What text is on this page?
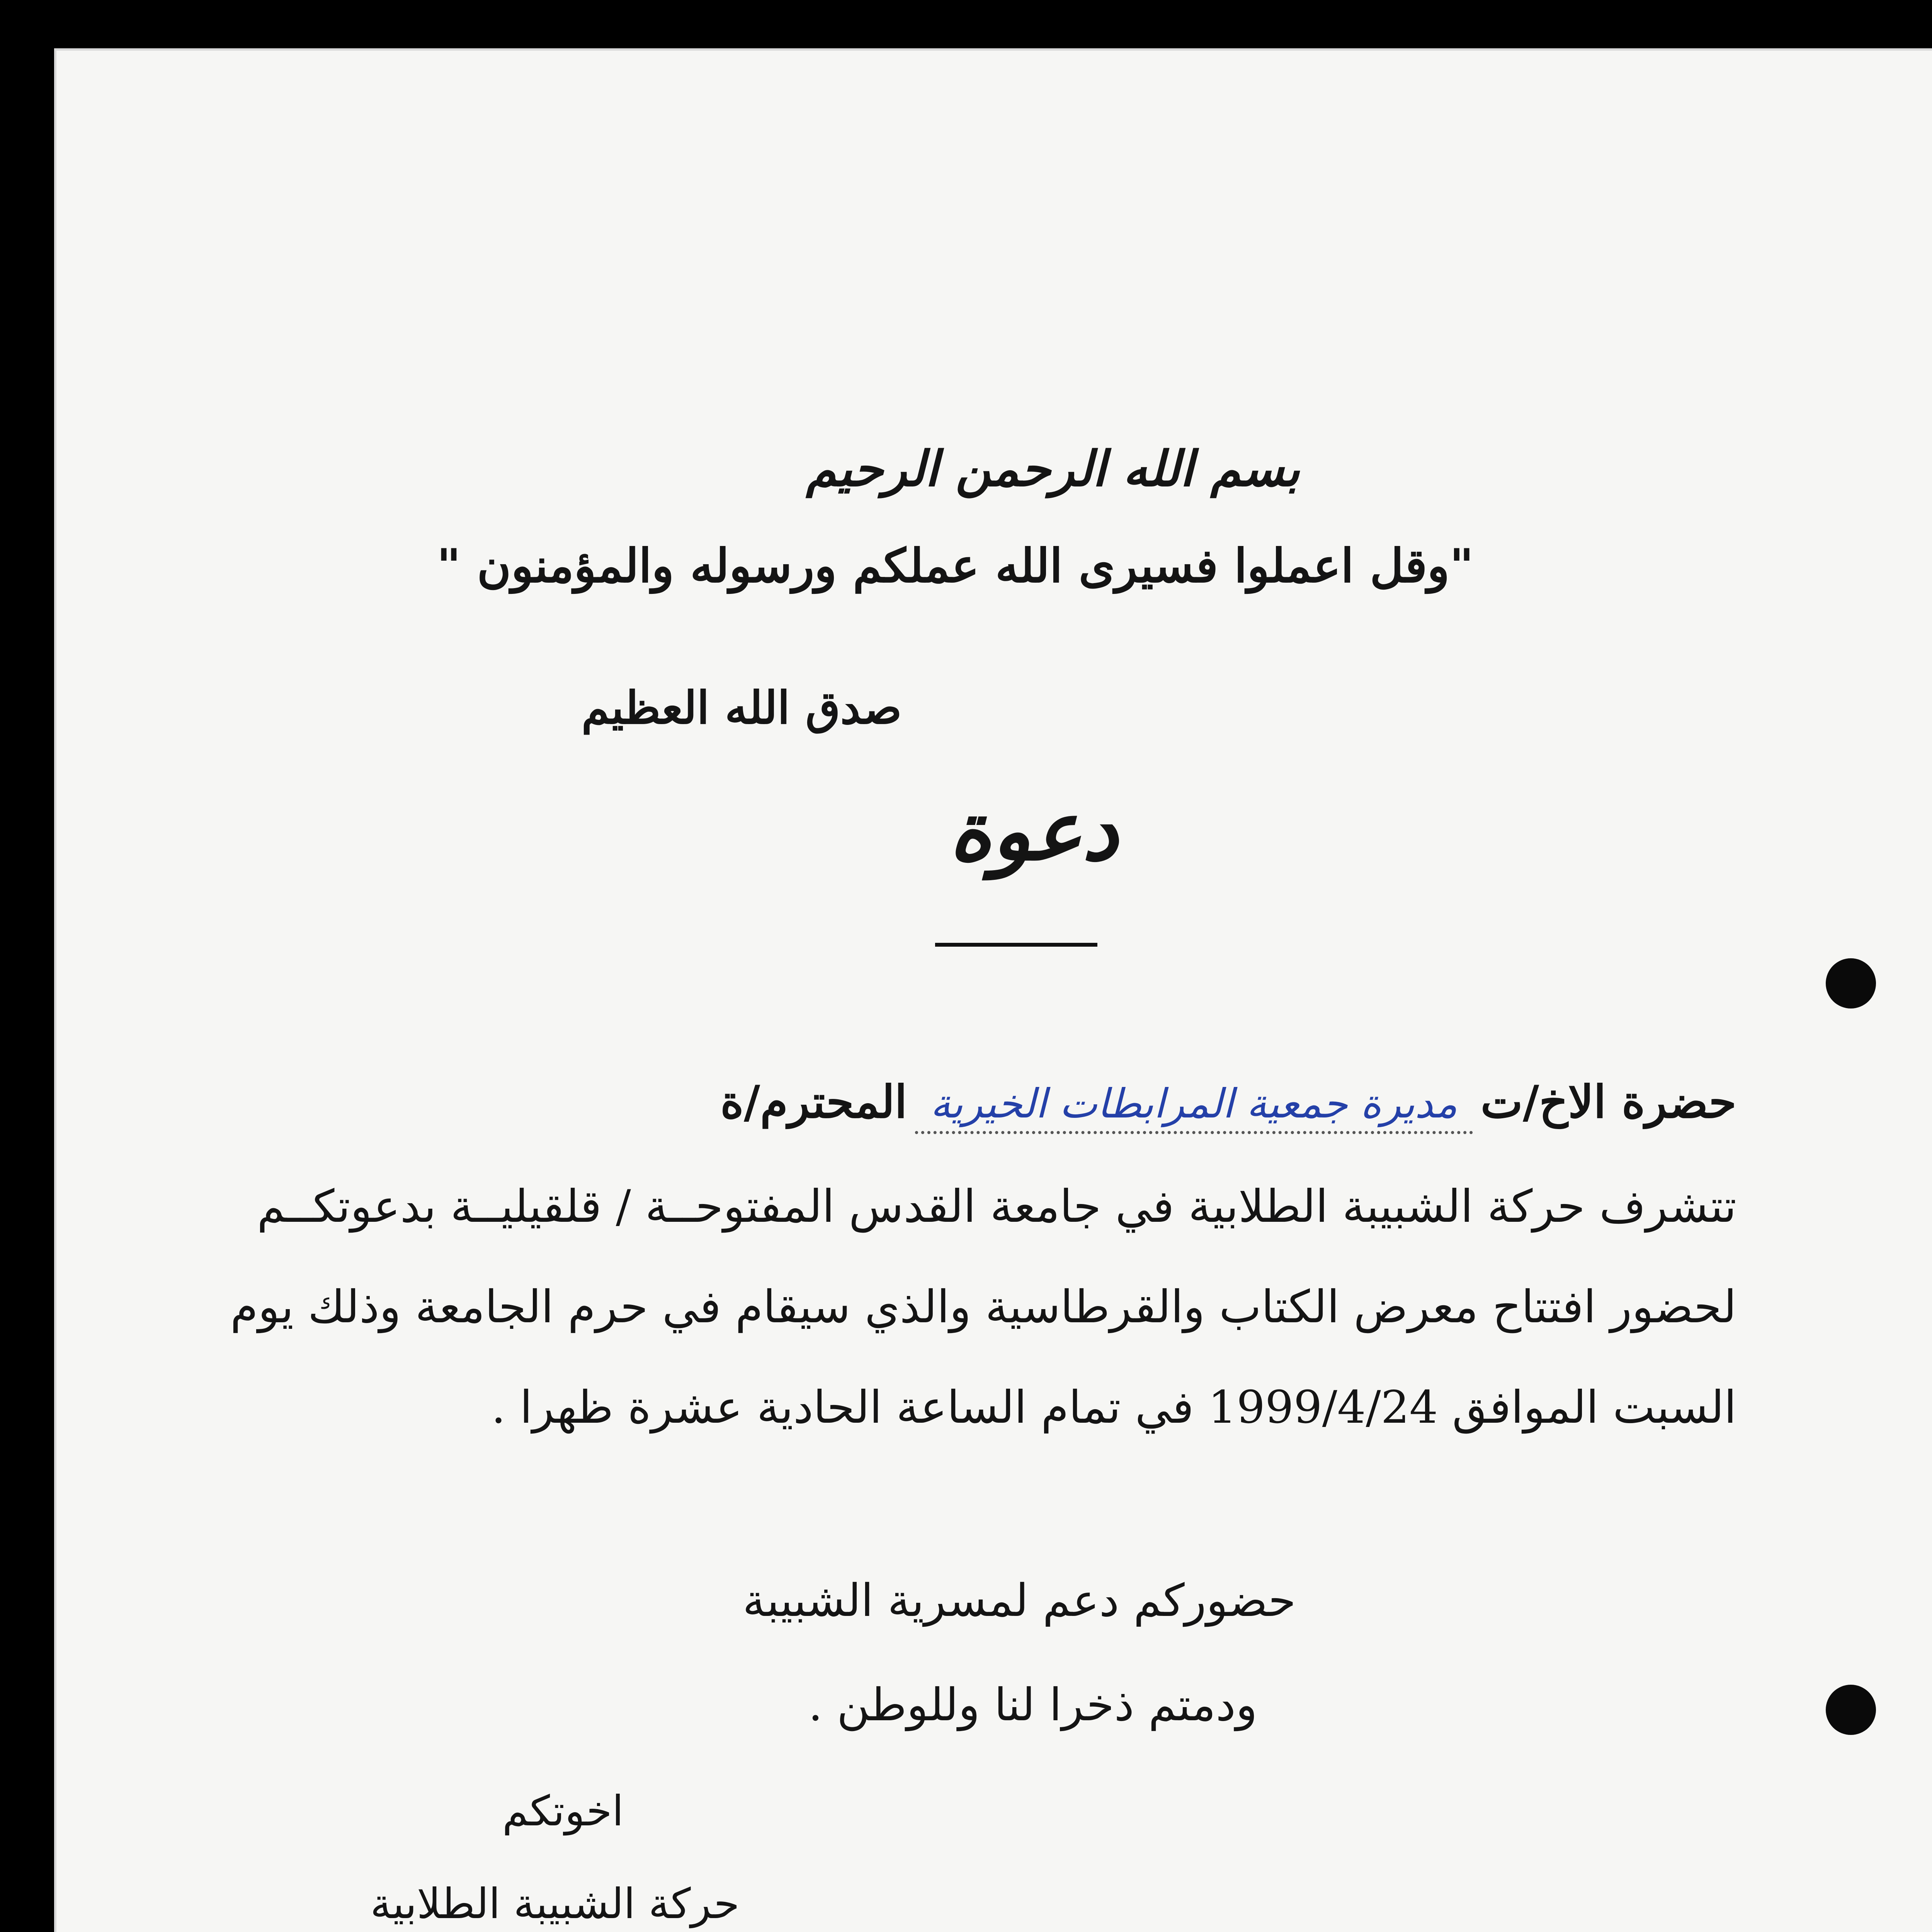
بسم الله الرحمن الرحيم
"وقل اعملوا فسيرى الله عملكم ورسوله والمؤمنون "
صدق الله العظيم
دعوة
حضرة الاخ/ت
مديرة جمعية المرابطات الخيرية
المحترم/ة
تتشرف حركة الشبيبة الطلابية في جامعة القدس المفتوحــة / قلقيليــة بدعوتكــم
لحضور افتتاح معرض الكتاب والقرطاسية والذي سيقام في حرم الجامعة وذلك يوم
السبت الموافق 1999/4/24 في تمام الساعة الحادية عشرة ظهرا .
حضوركم دعم لمسرية الشبيبة
ودمتم ذخرا لنا وللوطن .
اخوتكم
حركة الشبيبة الطلابية
